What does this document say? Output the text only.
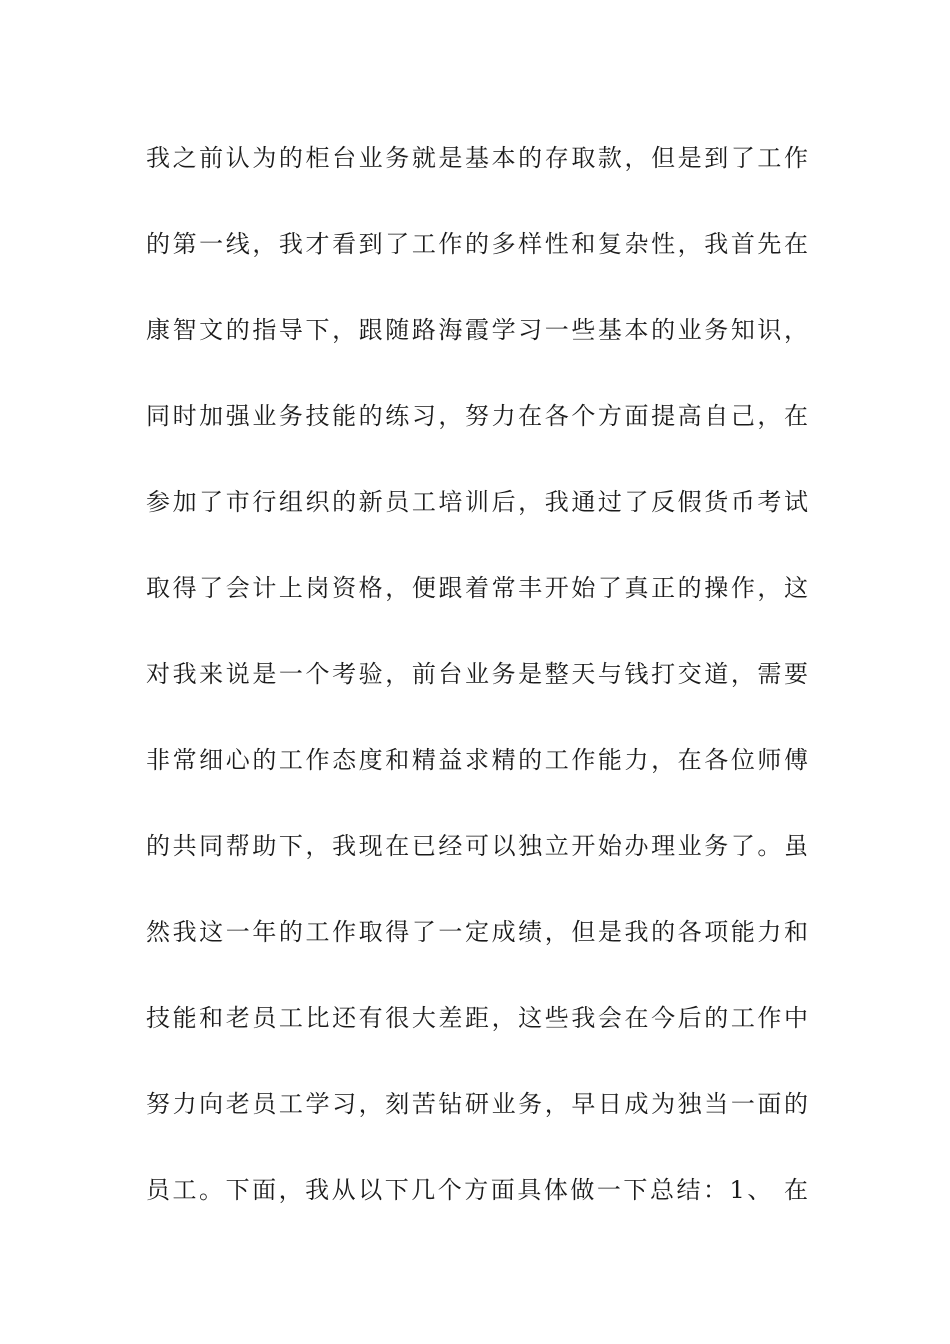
我之前认为的柜台业务就是基本的存取款，但是到了工作
的第一线，我才看到了工作的多样性和复杂性，我首先在
康智文的指导下，跟随路海霞学习一些基本的业务知识，
同时加强业务技能的练习，努力在各个方面提高自己，在
参加了市行组织的新员工培训后，我通过了反假货币考试
取得了会计上岗资格，便跟着常丰开始了真正的操作，这
对我来说是一个考验，前台业务是整天与钱打交道，需要
非常细心的工作态度和精益求精的工作能力，在各位师傅
的共同帮助下，我现在已经可以独立开始办理业务了。虽
然我这一年的工作取得了一定成绩，但是我的各项能力和
技能和老员工比还有很大差距，这些我会在今后的工作中
努力向老员工学习，刻苦钻研业务，早日成为独当一面的
员工。下面，我从以下几个方面具体做一下总结：1、 在
